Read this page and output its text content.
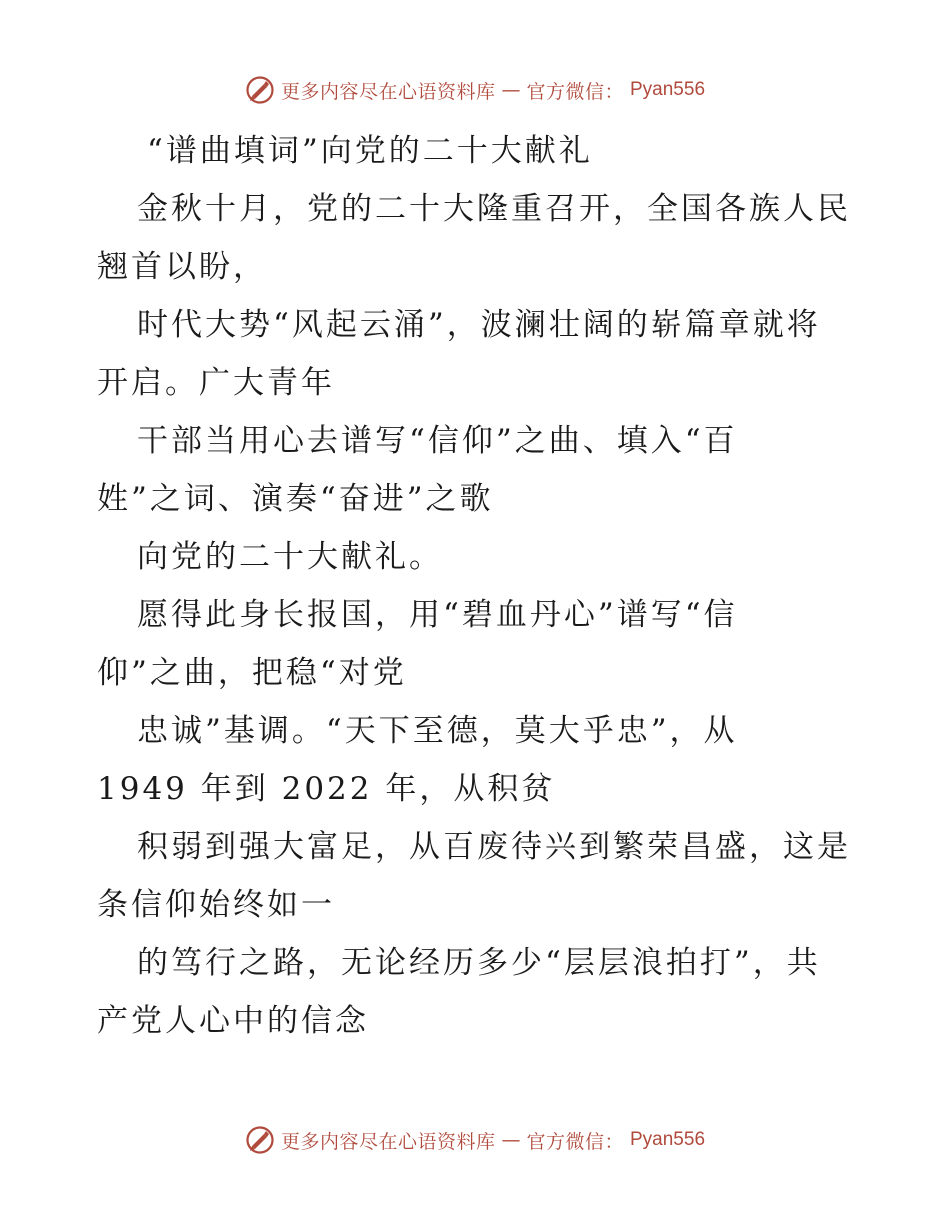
更多内容尽在心语资料库 — 官方微信： Pyan556
“谱曲填词”向党的二十大献礼
金秋十月，党的二十大隆重召开，全国各族人民
翘首以盼，
时代大势“风起云涌”，波澜壮阔的崭篇章就将
开启。广大青年
干部当用心去谱写“信仰”之曲、填入“百
姓”之词、演奏“奋进”之歌
向党的二十大献礼。
愿得此身长报国，用“碧血丹心”谱写“信
仰”之曲，把稳“对党
忠诚”基调。“天下至德，莫大乎忠”，从
1949 年到 2022 年，从积贫
积弱到强大富足，从百废待兴到繁荣昌盛，这是
条信仰始终如一
的笃行之路，无论经历多少“层层浪拍打”，共
产党人心中的信念
更多内容尽在心语资料库 — 官方微信： Pyan556
